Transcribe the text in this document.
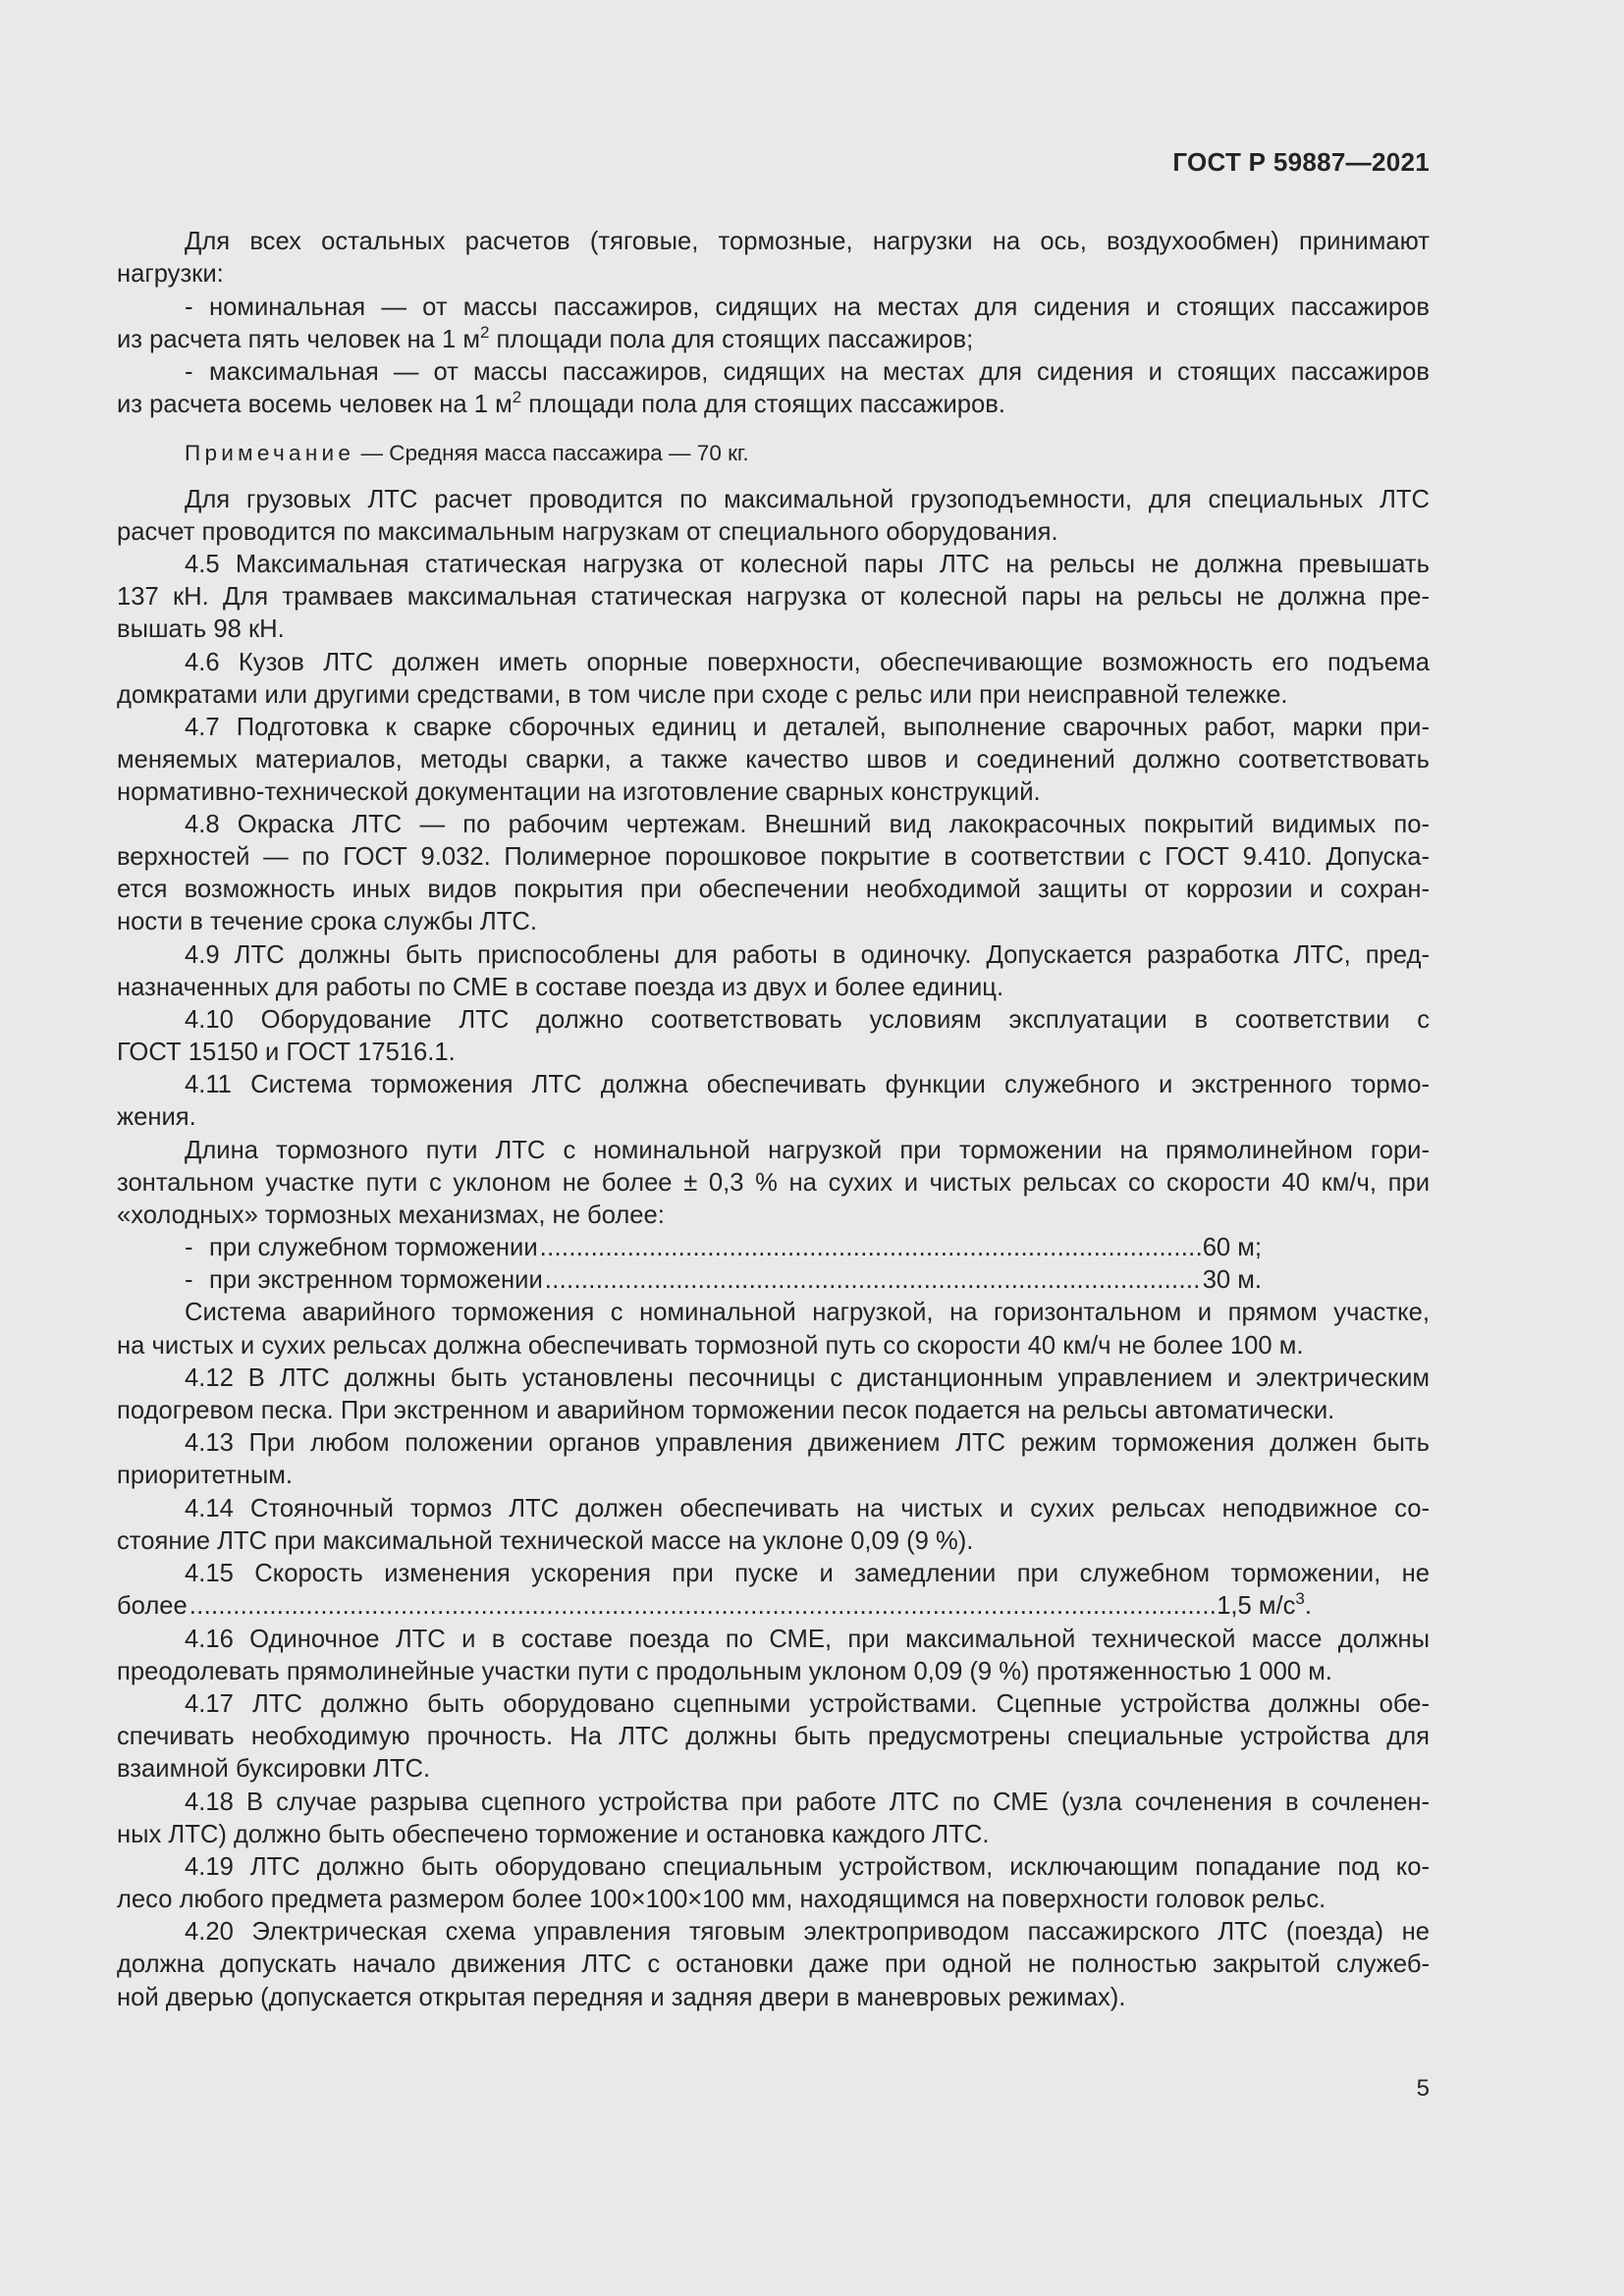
ГОСТ Р 59887—2021
Для всех остальных расчетов (тяговые, тормозные, нагрузки на ось, воздухообмен) принимают
нагрузки:
- номинальная — от массы пассажиров, сидящих на местах для сидения и стоящих пассажиров
из расчета пять человек на 1 $м^2$ площади пола для стоящих пассажиров;
- максимальная — от массы пассажиров, сидящих на местах для сидения и стоящих пассажиров
из расчета восемь человек на 1 $м^2$ площади пола для стоящих пассажиров.
Примечание — Средняя масса пассажира — 70 кг.
Для грузовых ЛТС расчет проводится по максимальной грузоподъемности, для специальных ЛТС
расчет проводится по максимальным нагрузкам от специального оборудования.
4.5 Максимальная статическая нагрузка от колесной пары ЛТС на рельсы не должна превышать
137 кН. Для трамваев максимальная статическая нагрузка от колесной пары на рельсы не должна пре-
вышать 98 кН.
4.6 Кузов ЛТС должен иметь опорные поверхности, обеспечивающие возможность его подъема
домкратами или другими средствами, в том числе при сходе с рельс или при неисправной тележке.
4.7 Подготовка к сварке сборочных единиц и деталей, выполнение сварочных работ, марки при-
меняемых материалов, методы сварки, а также качество швов и соединений должно соответствовать
нормативно-технической документации на изготовление сварных конструкций.
4.8 Окраска ЛТС — по рабочим чертежам. Внешний вид лакокрасочных покрытий видимых по-
верхностей — по ГОСТ 9.032. Полимерное порошковое покрытие в соответствии с ГОСТ 9.410. Допуска-
ется возможность иных видов покрытия при обеспечении необходимой защиты от коррозии и сохран-
ности в течение срока службы ЛТС.
4.9 ЛТС должны быть приспособлены для работы в одиночку. Допускается разработка ЛТС, пред-
назначенных для работы по СМЕ в составе поезда из двух и более единиц.
4.10 Оборудование ЛТС должно соответствовать условиям эксплуатации в соответствии с
ГОСТ 15150 и ГОСТ 17516.1.
4.11 Система торможения ЛТС должна обеспечивать функции служебного и экстренного тормо-
жения.
Длина тормозного пути ЛТС с номинальной нагрузкой при торможении на прямолинейном гори-
зонтальном участке пути с уклоном не более ± 0,3 % на сухих и чистых рельсах со скорости 40 км/ч, при
«холодных» тормозных механизмах, не более:
- при служебном торможении . . .	60 м;
- при экстренном торможении . . .	30 м.
Система аварийного торможения с номинальной нагрузкой, на горизонтальном и прямом участке,
на чистых и сухих рельсах должна обеспечивать тормозной путь со скорости 40 км/ч не более 100 м.
4.12 В ЛТС должны быть установлены песочницы с дистанционным управлением и электрическим
подогревом песка. При экстренном и аварийном торможении песок подается на рельсы автоматически.
4.13 При любом положении органов управления движением ЛТС режим торможения должен быть
приоритетным.
4.14 Стояночный тормоз ЛТС должен обеспечивать на чистых и сухих рельсах неподвижное со-
стояние ЛТС при максимальной технической массе на уклоне 0,09 (9 %).
4.15 Скорость изменения ускорения при пуске и замедлении при служебном торможении, не
более . . .	1,5 $м/с^3$.
4.16 Одиночное ЛТС и в составе поезда по СМЕ, при максимальной технической массе должны
преодолевать прямолинейные участки пути с продольным уклоном 0,09 (9 %) протяженностью 1 000 м.
4.17 ЛТС должно быть оборудовано сцепными устройствами. Сцепные устройства должны обе-
спечивать необходимую прочность. На ЛТС должны быть предусмотрены специальные устройства для
взаимной буксировки ЛТС.
4.18 В случае разрыва сцепного устройства при работе ЛТС по СМЕ (узла сочленения в сочленен-
ных ЛТС) должно быть обеспечено торможение и остановка каждого ЛТС.
4.19 ЛТС должно быть оборудовано специальным устройством, исключающим попадание под ко-
лесо любого предмета размером более 100×100×100 мм, находящимся на поверхности головок рельс.
4.20 Электрическая схема управления тяговым электроприводом пассажирского ЛТС (поезда) не
должна допускать начало движения ЛТС с остановки даже при одной не полностью закрытой служеб-
ной дверью (допускается открытая передняя и задняя двери в маневровых режимах).
5
